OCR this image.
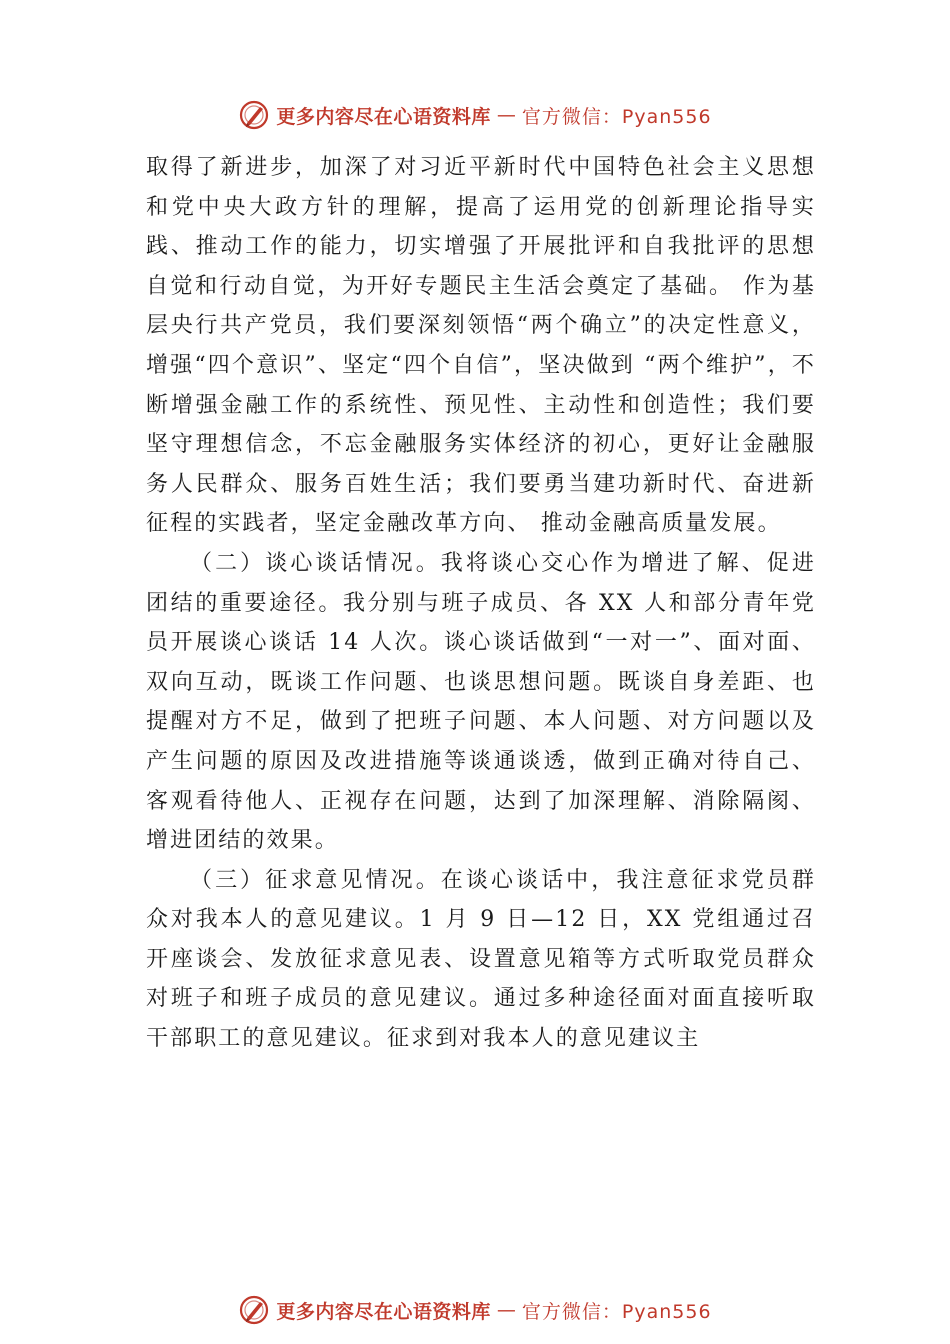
更多内容尽在心语资料库 — 官方微信：Pyan556

取得了新进步，加深了对习近平新时代中国特色社会主义思想和党中央大政方针的理解，提高了运用党的创新理论指导实践、推动工作的能力，切实增强了开展批评和自我批评的思想自觉和行动自觉，为开好专题民主生活会奠定了基础。 作为基层央行共产党员，我们要深刻领悟“两个确立”的决定性意义，增强“四个意识”、坚定“四个自信”，坚决做到 “两个维护”，不断增强金融工作的系统性、预见性、主动性和创造性；我们要坚守理想信念，不忘金融服务实体经济的初心，更好让金融服务人民群众、服务百姓生活；我们要勇当建功新时代、奋进新征程的实践者，坚定金融改革方向、 推动金融高质量发展。

（二）谈心谈话情况。我将谈心交心作为增进了解、促进团结的重要途径。我分别与班子成员、各 XX 人和部分青年党员开展谈心谈话 14 人次。谈心谈话做到“一对一”、面对面、双向互动，既谈工作问题、也谈思想问题。既谈自身差距、也提醒对方不足，做到了把班子问题、本人问题、对方问题以及产生问题的原因及改进措施等谈通谈透，做到正确对待自己、客观看待他人、正视存在问题，达到了加深理解、消除隔阂、增进团结的效果。

（三）征求意见情况。在谈心谈话中，我注意征求党员群众对我本人的意见建议。1 月 9 日—12 日，XX 党组通过召开座谈会、发放征求意见表、设置意见箱等方式听取党员群众对班子和班子成员的意见建议。通过多种途径面对面直接听取干部职工的意见建议。征求到对我本人的意见建议主

更多内容尽在心语资料库 — 官方微信：Pyan556
